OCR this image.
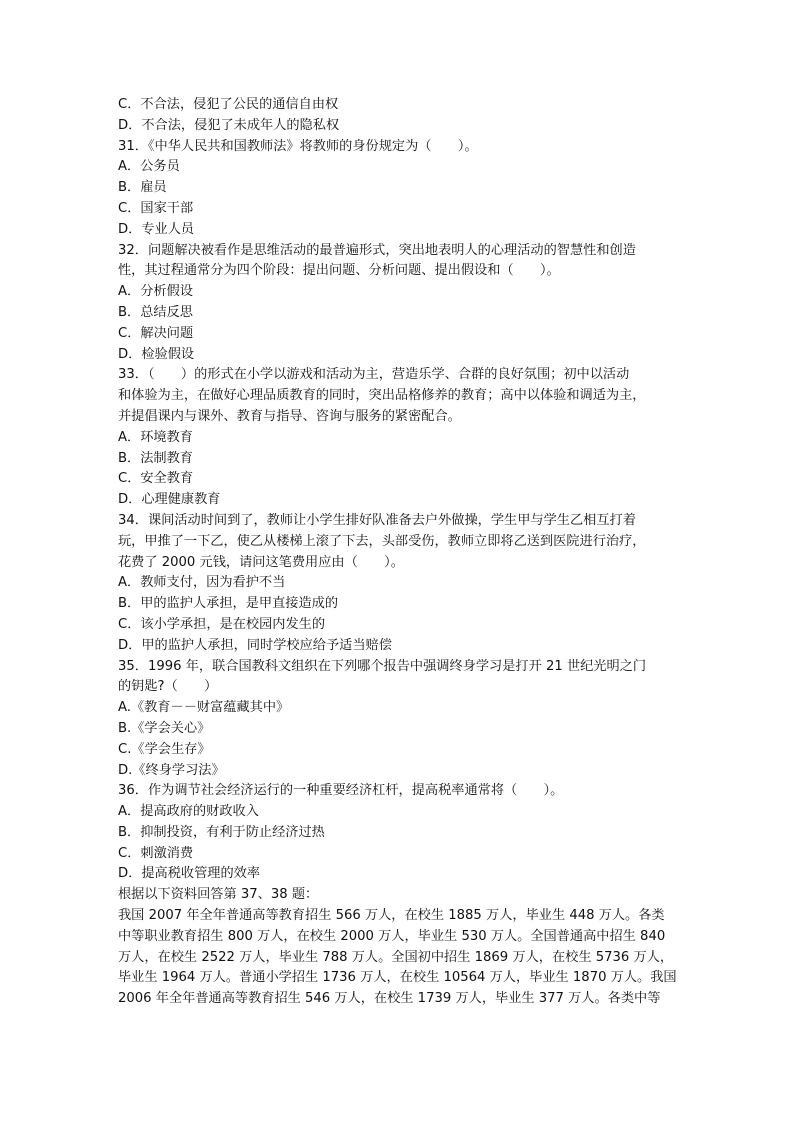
C．不合法，侵犯了公民的通信自由权
D．不合法，侵犯了未成年人的隐私权
31．《中华人民共和国教师法》将教师的身份规定为（　　）。
A．公务员
B．雇员
C．国家干部
D．专业人员
32．问题解决被看作是思维活动的最普遍形式，突出地表明人的心理活动的智慧性和创造
性，其过程通常分为四个阶段：提出问题、分析问题、提出假设和（　　）。
A．分析假设
B．总结反思
C．解决问题
D．检验假设
33．（　　）的形式在小学以游戏和活动为主，营造乐学、合群的良好氛围；初中以活动
和体验为主，在做好心理品质教育的同时，突出品格修养的教育；高中以体验和调适为主，
并提倡课内与课外、教育与指导、咨询与服务的紧密配合。
A．环境教育
B．法制教育
C．安全教育
D．心理健康教育
34．课间活动时间到了，教师让小学生排好队准备去户外做操，学生甲与学生乙相互打着
玩，甲推了一下乙，使乙从楼梯上滚了下去，头部受伤，教师立即将乙送到医院进行治疗，
花费了 2000 元钱，请问这笔费用应由（　　）。
A．教师支付，因为看护不当
B．甲的监护人承担，是甲直接造成的
C．该小学承担，是在校园内发生的
D．甲的监护人承担，同时学校应给予适当赔偿
35．1996 年，联合国教科文组织在下列哪个报告中强调终身学习是打开 21 世纪光明之门
的钥匙?（　　）
A.《教育－－财富蕴藏其中》
B.《学会关心》
C.《学会生存》
D.《终身学习法》
36．作为调节社会经济运行的一种重要经济杠杆，提高税率通常将（　　）。
A．提高政府的财政收入
B．抑制投资，有利于防止经济过热
C．刺激消费
D．提高税收管理的效率
根据以下资料回答第 37、38 题：
我国 2007 年全年普通高等教育招生 566 万人，在校生 1885 万人，毕业生 448 万人。各类
中等职业教育招生 800 万人，在校生 2000 万人，毕业生 530 万人。全国普通高中招生 840
万人，在校生 2522 万人，毕业生 788 万人。全国初中招生 1869 万人，在校生 5736 万人，
毕业生 1964 万人。普通小学招生 1736 万人，在校生 10564 万人，毕业生 1870 万人。我国
2006 年全年普通高等教育招生 546 万人，在校生 1739 万人，毕业生 377 万人。各类中等
